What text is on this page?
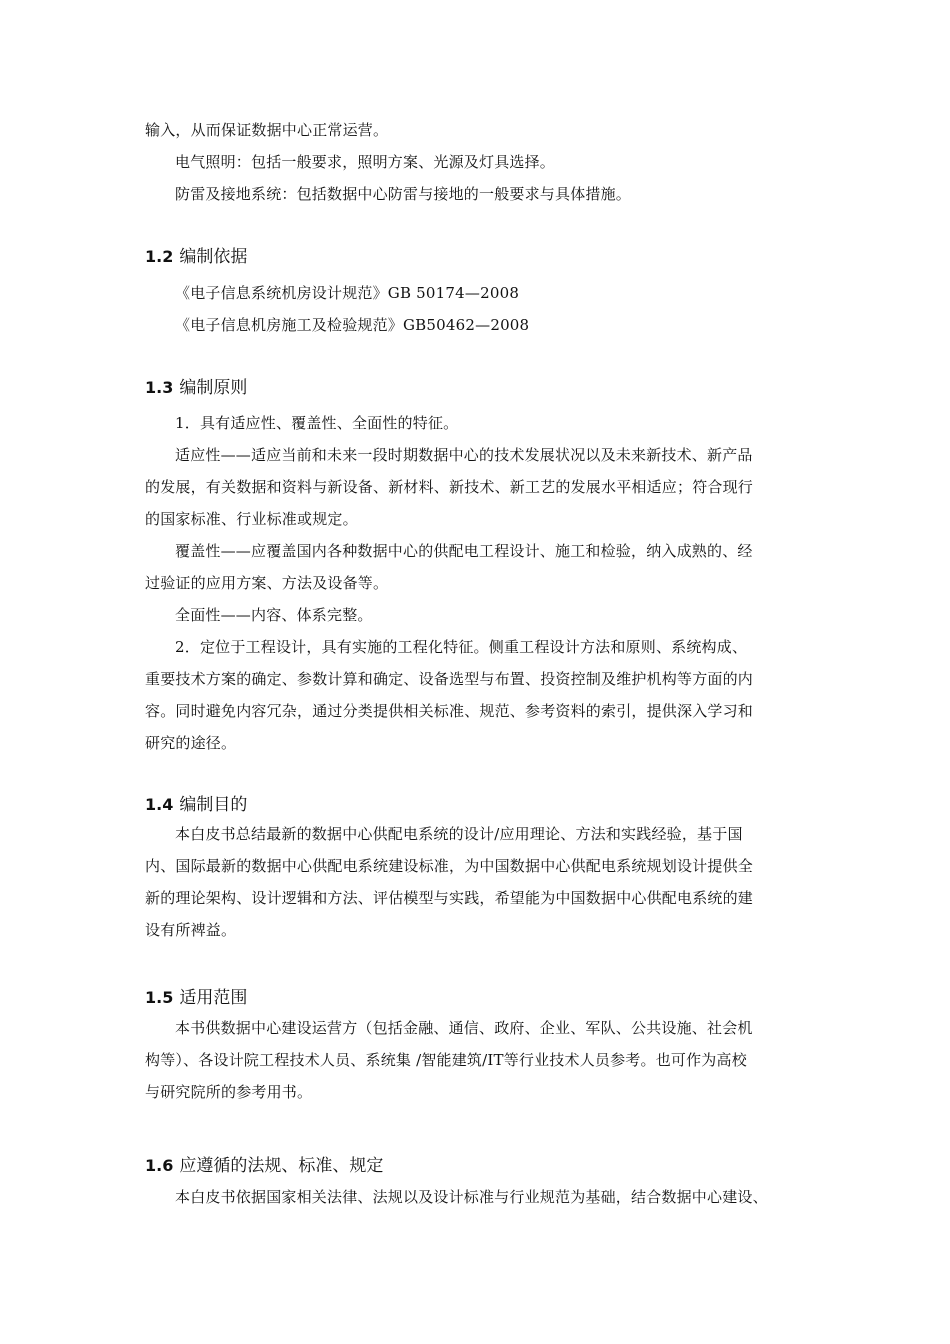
输入，从而保证数据中心正常运营。
电气照明：包括一般要求，照明方案、光源及灯具选择。
防雷及接地系统：包括数据中心防雷与接地的一般要求与具体措施。
1.2 编制依据
《电子信息系统机房设计规范》GB 50174—2008
《电子信息机房施工及检验规范》GB50462—2008
1.3 编制原则
1．具有适应性、覆盖性、全面性的特征。
适应性——适应当前和未来一段时期数据中心的技术发展状况以及未来新技术、新产品
的发展，有关数据和资料与新设备、新材料、新技术、新工艺的发展水平相适应；符合现行
的国家标准、行业标准或规定。
覆盖性——应覆盖国内各种数据中心的供配电工程设计、施工和检验，纳入成熟的、经
过验证的应用方案、方法及设备等。
全面性——内容、体系完整。
2．定位于工程设计，具有实施的工程化特征。侧重工程设计方法和原则、系统构成、
重要技术方案的确定、参数计算和确定、设备选型与布置、投资控制及维护机构等方面的内
容。同时避免内容冗杂，通过分类提供相关标准、规范、参考资料的索引，提供深入学习和
研究的途径。
1.4 编制目的
本白皮书总结最新的数据中心供配电系统的设计/应用理论、方法和实践经验，基于国
内、国际最新的数据中心供配电系统建设标准，为中国数据中心供配电系统规划设计提供全
新的理论架构、设计逻辑和方法、评估模型与实践，希望能为中国数据中心供配电系统的建
设有所裨益。
1.5 适用范围
本书供数据中心建设运营方（包括金融、通信、政府、企业、军队、公共设施、社会机
构等）、各设计院工程技术人员、系统集 /智能建筑/IT等行业技术人员参考。也可作为高校
与研究院所的参考用书。
1.6 应遵循的法规、标准、规定
本白皮书依据国家相关法律、法规以及设计标准与行业规范为基础，结合数据中心建设、
